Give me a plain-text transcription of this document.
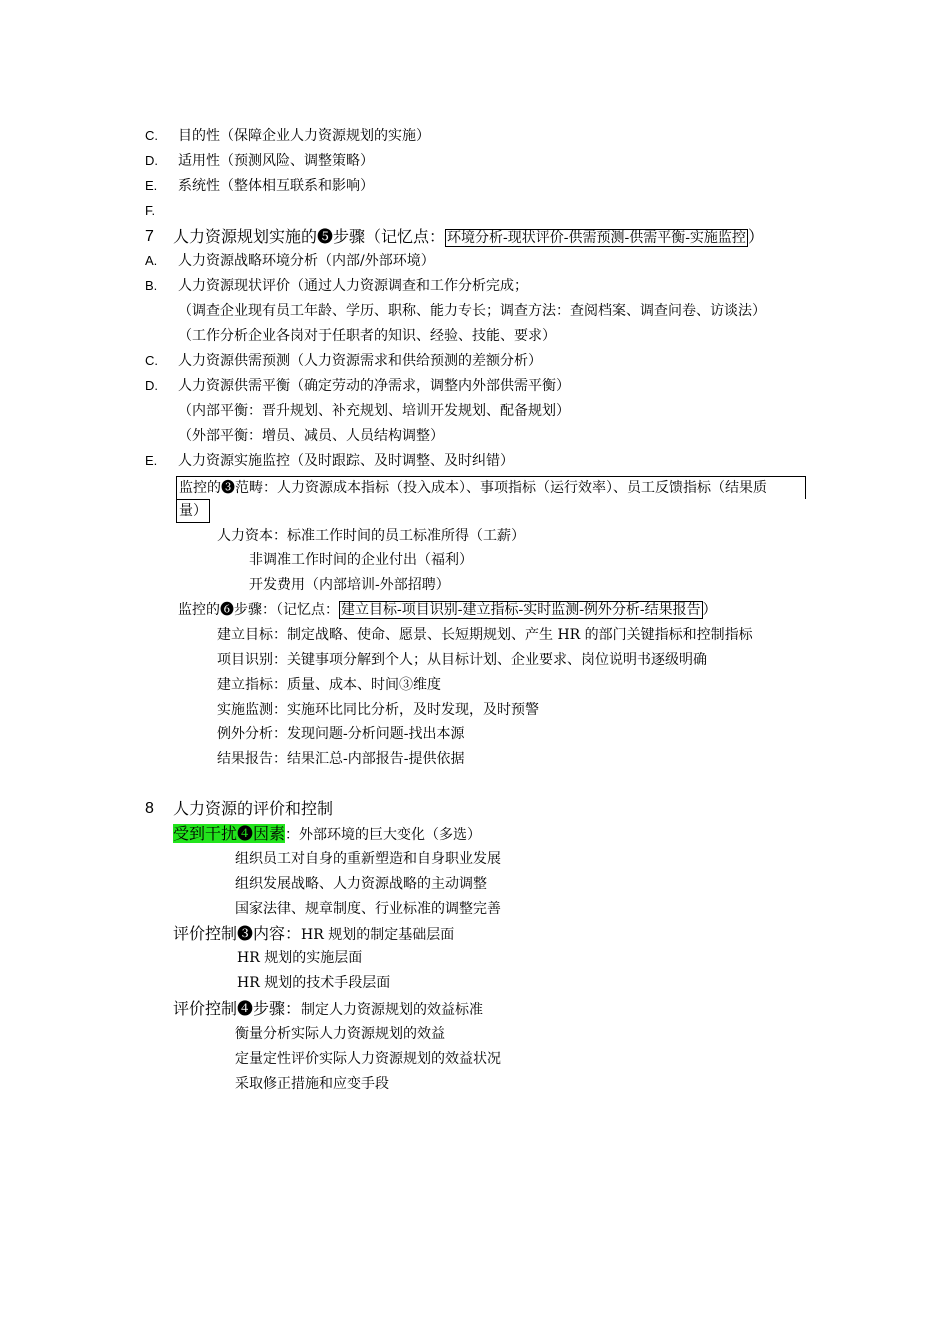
C. 目的性（保障企业人力资源规划的实施）
D. 适用性（预测风险、调整策略）
E. 系统性（整体相互联系和影响）
F.
7 人力资源规划实施的❺步骤（记忆点： 环境分析-现状评价-供需预测-供需平衡-实施监控 ）
A. 人力资源战略环境分析（内部/外部环境）
B. 人力资源现状评价（通过人力资源调查和工作分析完成；
（调查企业现有员工年龄、学历、职称、能力专长；调查方法：查阅档案、调查问卷、访谈法）
（工作分析企业各岗对于任职者的知识、经验、技能、要求）
C. 人力资源供需预测（人力资源需求和供给预测的差额分析）
D. 人力资源供需平衡（确定劳动的净需求，调整内外部供需平衡）
（内部平衡：晋升规划、补充规划、培训开发规划、配备规划）
（外部平衡：增员、减员、人员结构调整）
E. 人力资源实施监控（及时跟踪、及时调整、及时纠错）
监控的❸范畴：人力资源成本指标（投入成本）、事项指标（运行效率）、员工反馈指标（结果质
量）
人力资本：标准工作时间的员工标准所得（工薪）
非调准工作时间的企业付出（福利）
开发费用（内部培训-外部招聘）
监控的❻步骤：（记忆点： 建立目标-项目识别-建立指标-实时监测-例外分析-结果报告 ）
建立目标：制定战略、使命、愿景、长短期规划、产生 HR 的部门关键指标和控制指标
项目识别：关键事项分解到个人；从目标计划、企业要求、岗位说明书逐级明确
建立指标：质量、成本、时间③维度
实施监测：实施环比同比分析，及时发现，及时预警
例外分析：发现问题-分析问题-找出本源
结果报告：结果汇总-内部报告-提供依据
8 人力资源的评价和控制
受到干扰❹因素：外部环境的巨大变化（多选）
组织员工对自身的重新塑造和自身职业发展
组织发展战略、人力资源战略的主动调整
国家法律、规章制度、行业标准的调整完善
评价控制❸内容：HR 规划的制定基础层面
HR 规划的实施层面
HR 规划的技术手段层面
评价控制❹步骤：制定人力资源规划的效益标准
衡量分析实际人力资源规划的效益
定量定性评价实际人力资源规划的效益状况
采取修正措施和应变手段
